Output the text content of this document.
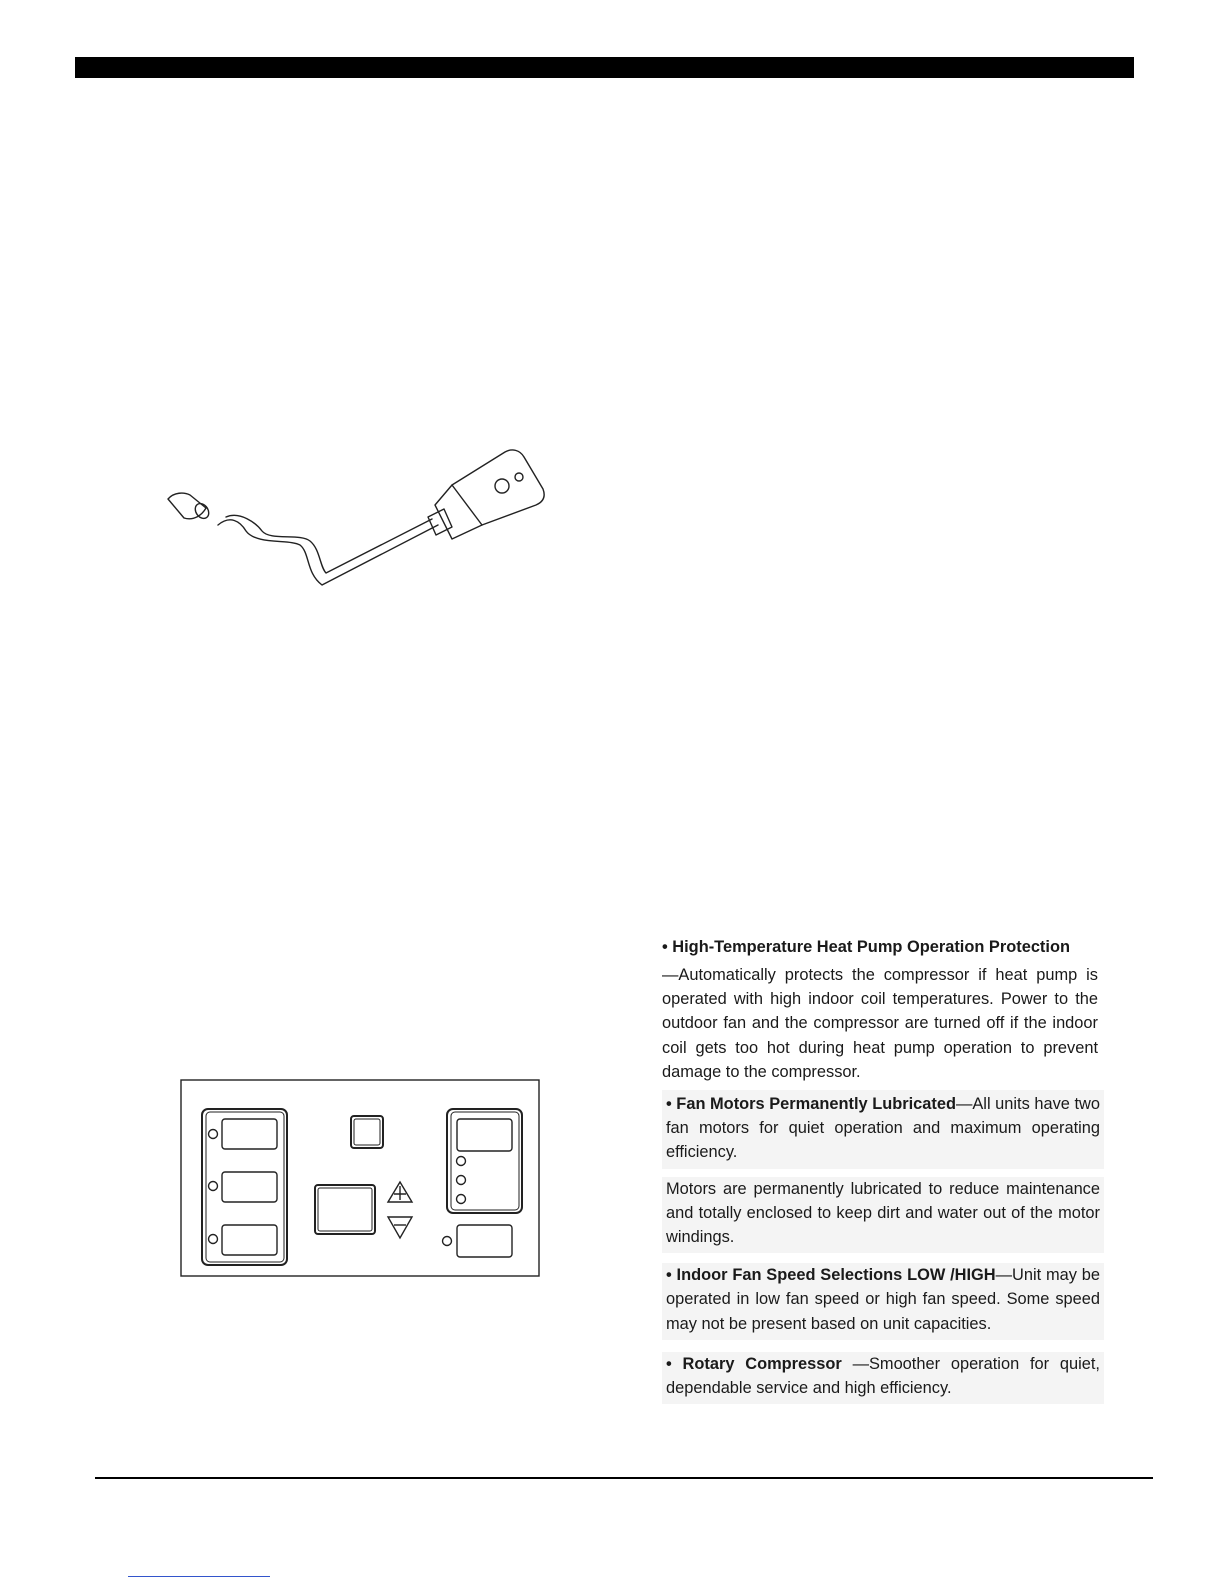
• High-Temperature Heat Pump Operation Protection

—Automatically protects the compressor if heat pump is operated with high indoor coil temperatures. Power to the outdoor fan and the compressor are turned off if the indoor coil gets too hot during heat pump operation to prevent damage to the compressor.

• Fan Motors Permanently Lubricated—All units have two fan motors for quiet operation and maximum operating efficiency.

Motors are permanently lubricated to reduce maintenance and totally enclosed to keep dirt and water out of the motor windings.

• Indoor Fan Speed Selections LOW /HIGH—Unit may be operated in low fan speed or high fan speed. Some speed may not be present based on unit capacities.

• Rotary Compressor —Smoother operation for quiet, dependable service and high efficiency.
